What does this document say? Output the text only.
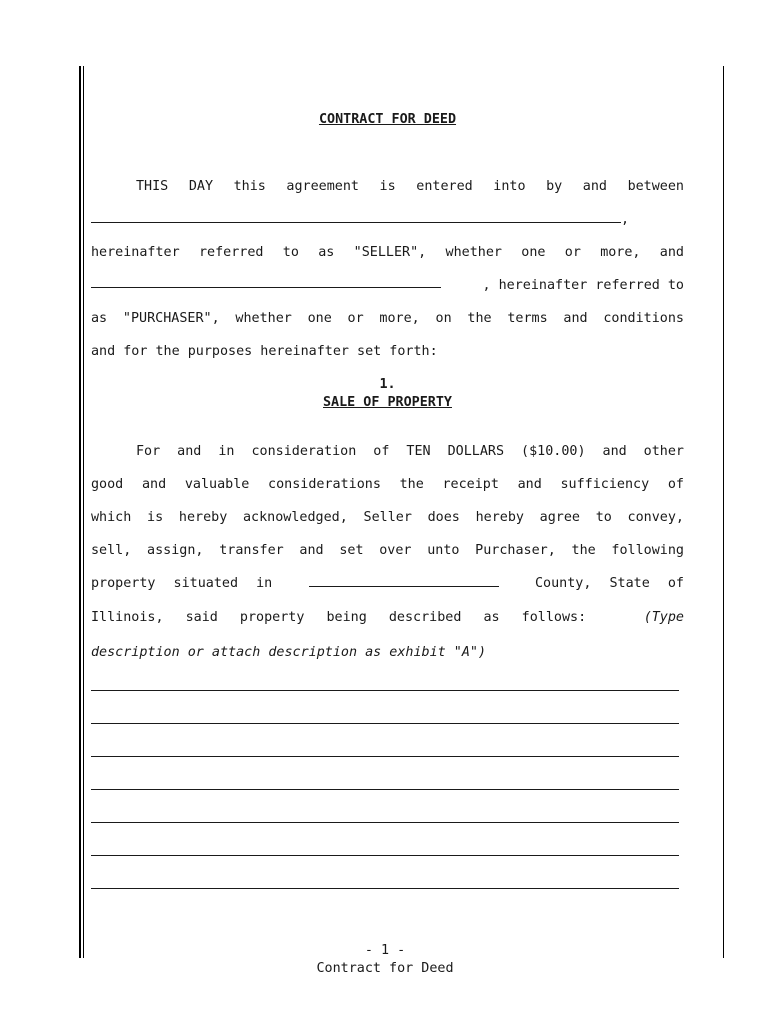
CONTRACT FOR DEED
THIS DAY this agreement is entered into by and between
,
hereinafter referred to as "SELLER", whether one or more, and
, hereinafter referred to
as "PURCHASER", whether one or more, on the terms and conditions
and for the purposes hereinafter set forth:
1.
SALE OF PROPERTY
For and in consideration of TEN DOLLARS ($10.00) and other
good and valuable considerations the receipt and sufficiency of
which is hereby acknowledged, Seller does hereby agree to convey,
sell, assign, transfer and set over unto Purchaser, the following
property situated in	County, State of
Illinois, said property being described as follows:	(Type
description or attach description as exhibit "A")
- 1 -
Contract for Deed
